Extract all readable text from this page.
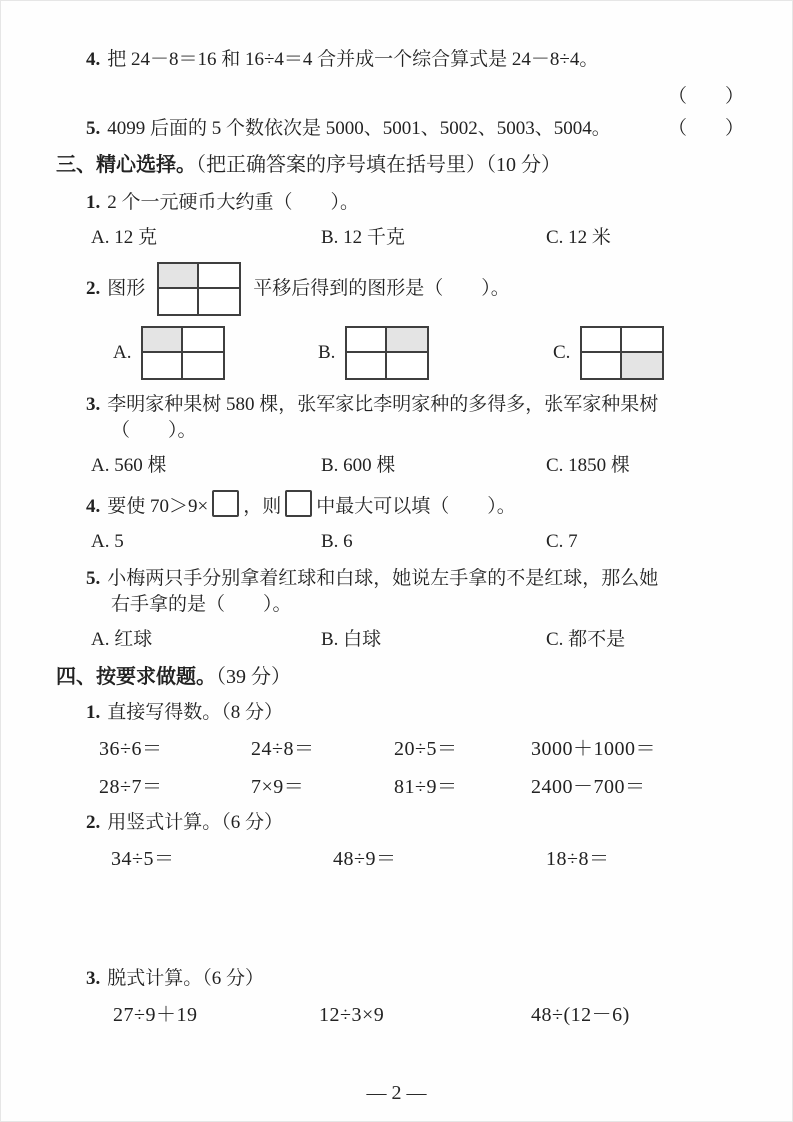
4. 把 24－8＝16 和 16÷4＝4 合并成一个综合算式是 24－8÷4。
（　　）
5. 4099 后面的 5 个数依次是 5000、5001、5002、5003、5004。	（　　）
三、精心选择。（把正确答案的序号填在括号里）（10 分）
1. 2 个一元硬币大约重（　　）。
A. 12 克	B. 12 千克	C. 12 米
2. 图形	平移后得到的图形是（　　）。
A.	B.	C.
3. 李明家种果树 580 棵，张军家比李明家种的多得多，张军家种果树
（　　）。
A. 560 棵	B. 600 棵	C. 1850 棵
4. 要使 70＞9× ，则 中最大可以填（　　）。
A. 5	B. 6	C. 7
5. 小梅两只手分别拿着红球和白球，她说左手拿的不是红球，那么她
右手拿的是（　　）。
A. 红球	B. 白球	C. 都不是
四、按要求做题。（39 分）
1. 直接写得数。（8 分）
36÷6＝	24÷8＝	20÷5＝	3000＋1000＝
28÷7＝	7×9＝	81÷9＝	2400－700＝
2. 用竖式计算。（6 分）
34÷5＝	48÷9＝	18÷8＝
3. 脱式计算。（6 分）
27÷9＋19	12÷3×9	48÷(12－6)
— 2 —
